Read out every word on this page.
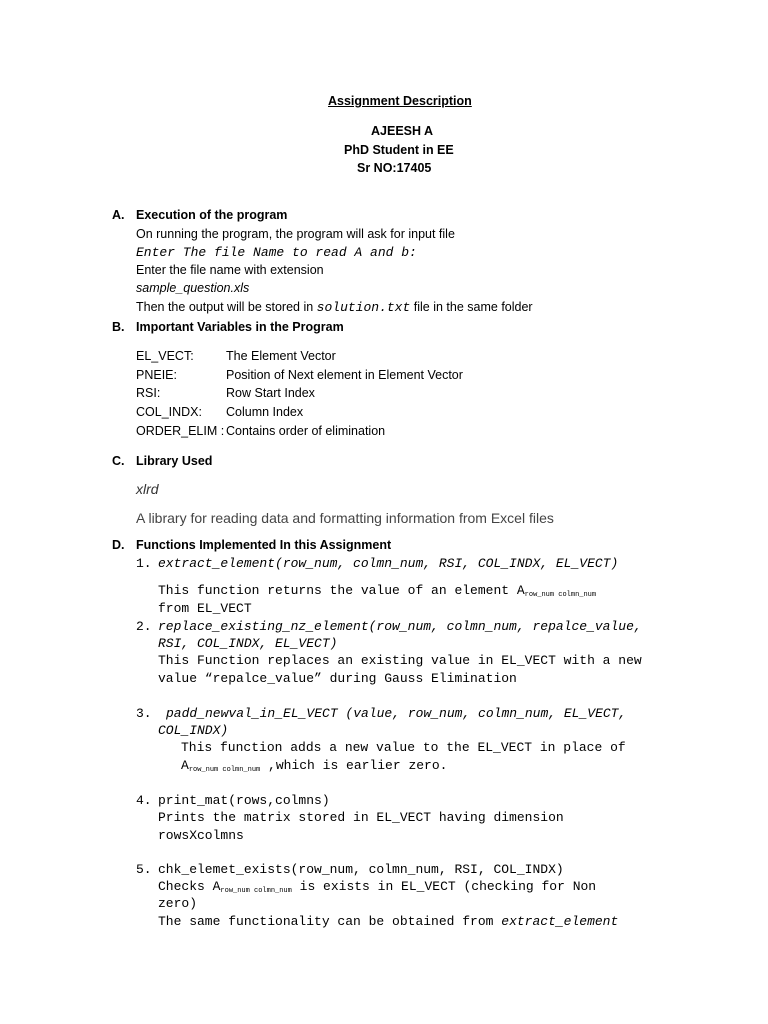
Assignment Description
AJEESH A
PhD Student in EE
Sr NO:17405
A. Execution of the program
On running the program, the program will ask for input file
Enter The file Name to read A and b:
Enter the file name with extension
sample_question.xls
Then the output will be stored in solution.txt file in the same folder
B. Important Variables in the Program
EL_VECT:	The Element Vector
PNEIE:	Position of Next element in Element Vector
RSI:	Row Start Index
COL_INDX: Column Index
ORDER_ELIM : Contains order of elimination
C. Library Used
xlrd
A library for reading data and formatting information from Excel files
D. Functions Implemented In this Assignment
1. extract_element(row_num, colmn_num, RSI, COL_INDX, EL_VECT)
This function returns the value of an element $A_{row\_num colmn\_num}$
from EL_VECT
2. replace_existing_nz_element(row_num, colmn_num, repalce_value,
RSI, COL_INDX, EL_VECT)
This Function replaces an existing value in EL_VECT with a new
value “repalce_value” during Gauss Elimination
3. padd_newval_in_EL_VECT (value, row_num, colmn_num, EL_VECT,
COL_INDX)
This function adds a new value to the EL_VECT in place of
$A_{row\_num colmn\_num}$ ,which is earlier zero.
4. print_mat(rows,colmns)
Prints the matrix stored in EL_VECT having dimension
rowsXcolmns
5. chk_elemet_exists(row_num, colmn_num, RSI, COL_INDX)
Checks $A_{row\_num colmn\_num}$ is exists in EL_VECT (checking for Non
zero)
The same functionality can be obtained from extract_element
